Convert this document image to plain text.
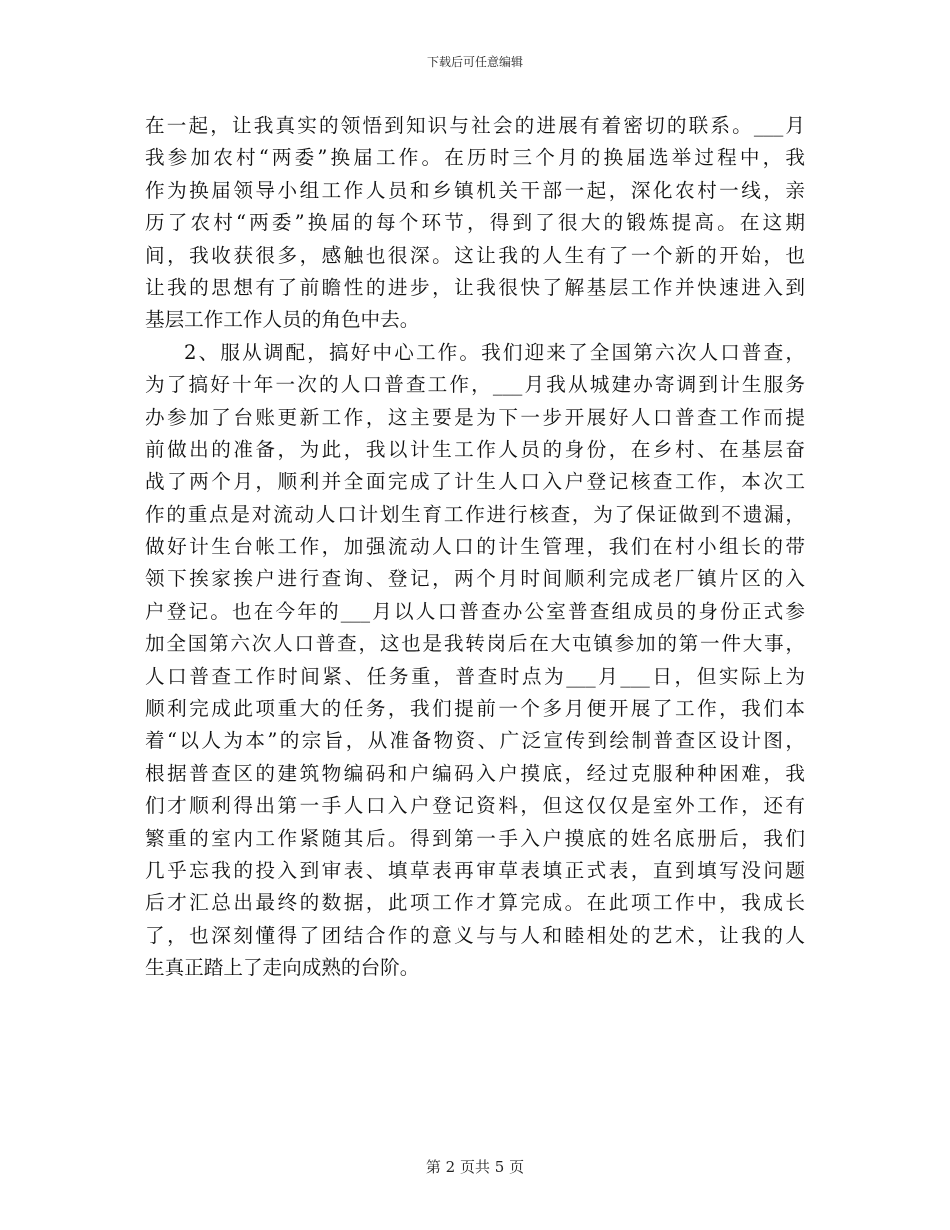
下载后可任意编辑
在一起，让我真实的领悟到知识与社会的进展有着密切的联系。___月
我参加农村“两委”换届工作。在历时三个月的换届选举过程中，我
作为换届领导小组工作人员和乡镇机关干部一起，深化农村一线，亲
历了农村“两委”换届的每个环节，得到了很大的锻炼提高。在这期
间，我收获很多，感触也很深。这让我的人生有了一个新的开始，也
让我的思想有了前瞻性的进步，让我很快了解基层工作并快速进入到
基层工作工作人员的角色中去。
2、服从调配，搞好中心工作。我们迎来了全国第六次人口普查，
为了搞好十年一次的人口普查工作，___月我从城建办寄调到计生服务
办参加了台账更新工作，这主要是为下一步开展好人口普查工作而提
前做出的准备，为此，我以计生工作人员的身份，在乡村、在基层奋
战了两个月，顺利并全面完成了计生人口入户登记核查工作，本次工
作的重点是对流动人口计划生育工作进行核查，为了保证做到不遗漏，
做好计生台帐工作，加强流动人口的计生管理，我们在村小组长的带
领下挨家挨户进行查询、登记，两个月时间顺利完成老厂镇片区的入
户登记。也在今年的___月以人口普查办公室普查组成员的身份正式参
加全国第六次人口普查，这也是我转岗后在大屯镇参加的第一件大事，
人口普查工作时间紧、任务重，普查时点为___月___日，但实际上为
顺利完成此项重大的任务，我们提前一个多月便开展了工作，我们本
着“以人为本”的宗旨，从准备物资、广泛宣传到绘制普查区设计图，
根据普查区的建筑物编码和户编码入户摸底，经过克服种种困难，我
们才顺利得出第一手人口入户登记资料，但这仅仅是室外工作，还有
繁重的室内工作紧随其后。得到第一手入户摸底的姓名底册后，我们
几乎忘我的投入到审表、填草表再审草表填正式表，直到填写没问题
后才汇总出最终的数据，此项工作才算完成。在此项工作中，我成长
了，也深刻懂得了团结合作的意义与与人和睦相处的艺术，让我的人
生真正踏上了走向成熟的台阶。
第 2 页共 5 页
